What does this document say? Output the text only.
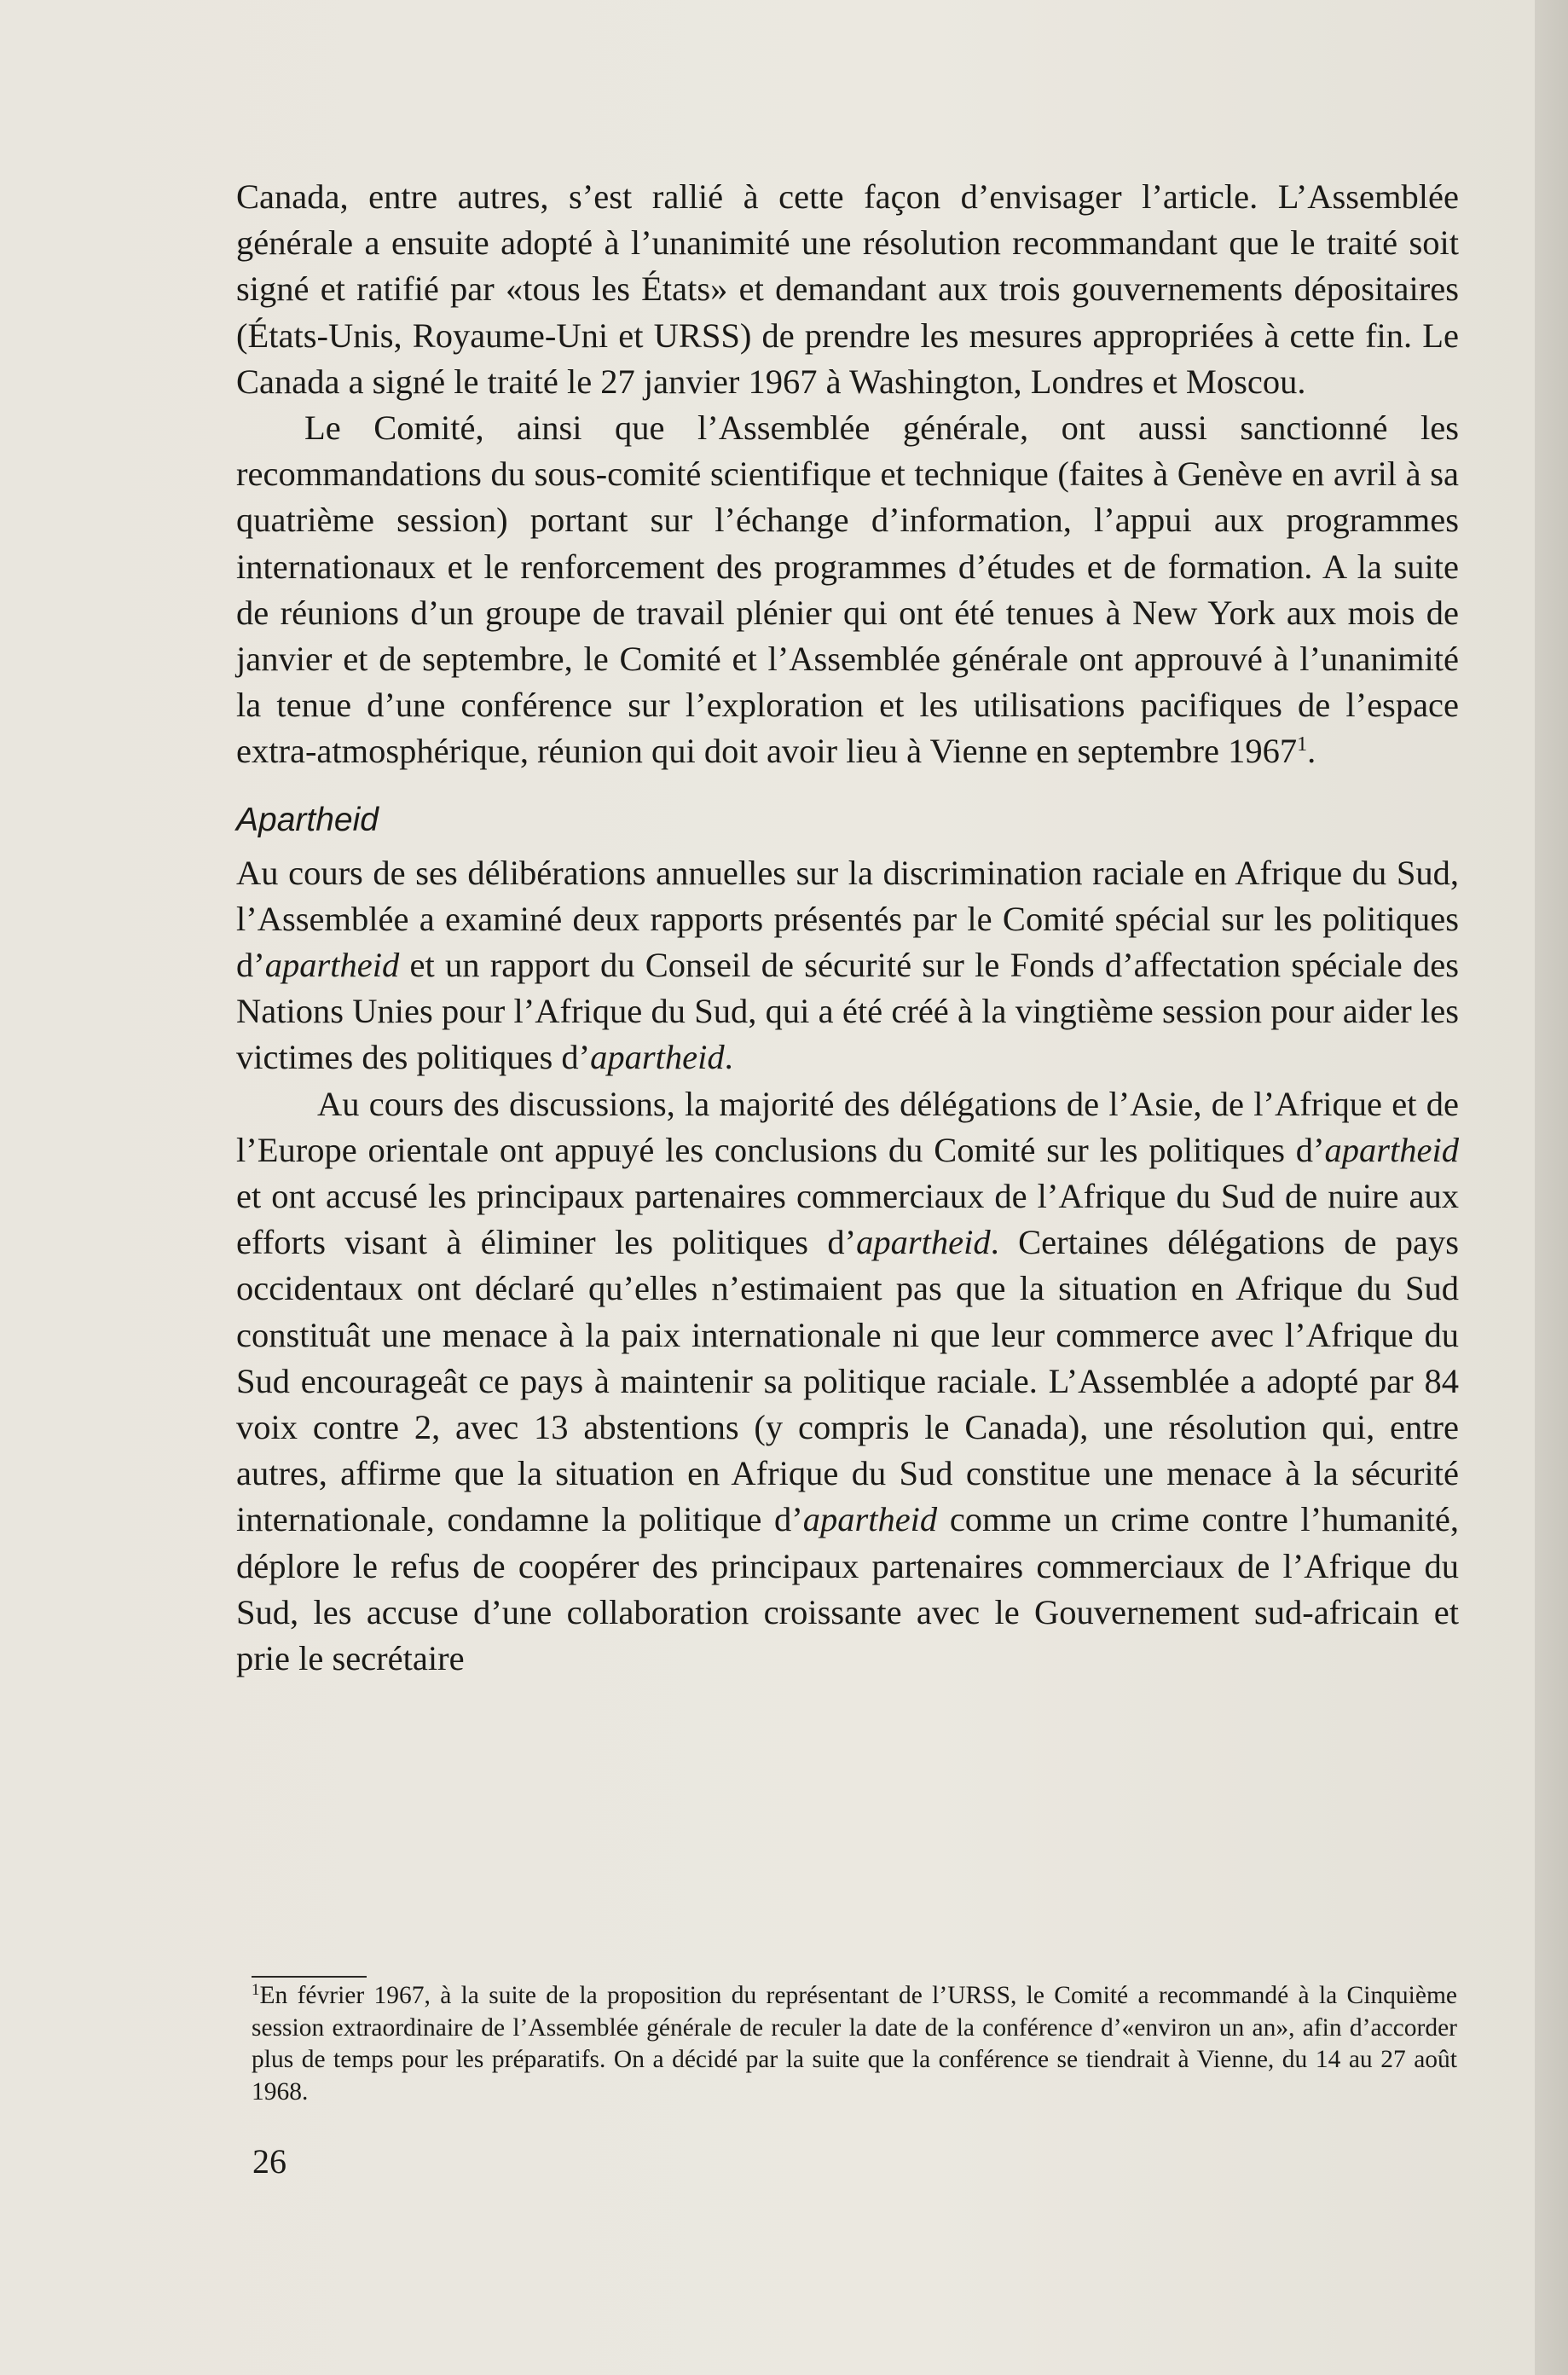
Canada, entre autres, s’est rallié à cette façon d’envisager l’article. L’Assemblée générale a ensuite adopté à l’unanimité une résolution recommandant que le traité soit signé et ratifié par «tous les États» et demandant aux trois gouvernements dépositaires (États-Unis, Royaume-Uni et URSS) de prendre les mesures appropriées à cette fin. Le Canada a signé le traité le 27 janvier 1967 à Washington, Londres et Moscou.

Le Comité, ainsi que l’Assemblée générale, ont aussi sanctionné les recommandations du sous-comité scientifique et technique (faites à Genève en avril à sa quatrième session) portant sur l’échange d’information, l’appui aux programmes internationaux et le renforcement des programmes d’études et de formation. A la suite de réunions d’un groupe de travail plénier qui ont été tenues à New York aux mois de janvier et de septembre, le Comité et l’Assemblée générale ont approuvé à l’unanimité la tenue d’une conférence sur l’exploration et les utilisations pacifiques de l’espace extra-atmosphérique, réunion qui doit avoir lieu à Vienne en septembre 1967$^1$.

Apartheid

Au cours de ses délibérations annuelles sur la discrimination raciale en Afrique du Sud, l’Assemblée a examiné deux rapports présentés par le Comité spécial sur les politiques d’apartheid et un rapport du Conseil de sécurité sur le Fonds d’affectation spéciale des Nations Unies pour l’Afrique du Sud, qui a été créé à la vingtième session pour aider les victimes des politiques d’apartheid.

Au cours des discussions, la majorité des délégations de l’Asie, de l’Afrique et de l’Europe orientale ont appuyé les conclusions du Comité sur les politiques d’apartheid et ont accusé les principaux partenaires commerciaux de l’Afrique du Sud de nuire aux efforts visant à éliminer les politiques d’apartheid. Certaines délégations de pays occidentaux ont déclaré qu’elles n’estimaient pas que la situation en Afrique du Sud constituât une menace à la paix internationale ni que leur commerce avec l’Afrique du Sud encourageât ce pays à maintenir sa politique raciale. L’Assemblée a adopté par 84 voix contre 2, avec 13 abstentions (y compris le Canada), une résolution qui, entre autres, affirme que la situation en Afrique du Sud constitue une menace à la sécurité internationale, condamne la politique d’apartheid comme un crime contre l’humanité, déplore le refus de coopérer des principaux partenaires commerciaux de l’Afrique du Sud, les accuse d’une collaboration croissante avec le Gouvernement sud-africain et prie le secrétaire

$^1$En février 1967, à la suite de la proposition du représentant de l’URSS, le Comité a recommandé à la Cinquième session extraordinaire de l’Assemblée générale de reculer la date de la conférence d’«environ un an», afin d’accorder plus de temps pour les préparatifs. On a décidé par la suite que la conférence se tiendrait à Vienne, du 14 au 27 août 1968.

26
